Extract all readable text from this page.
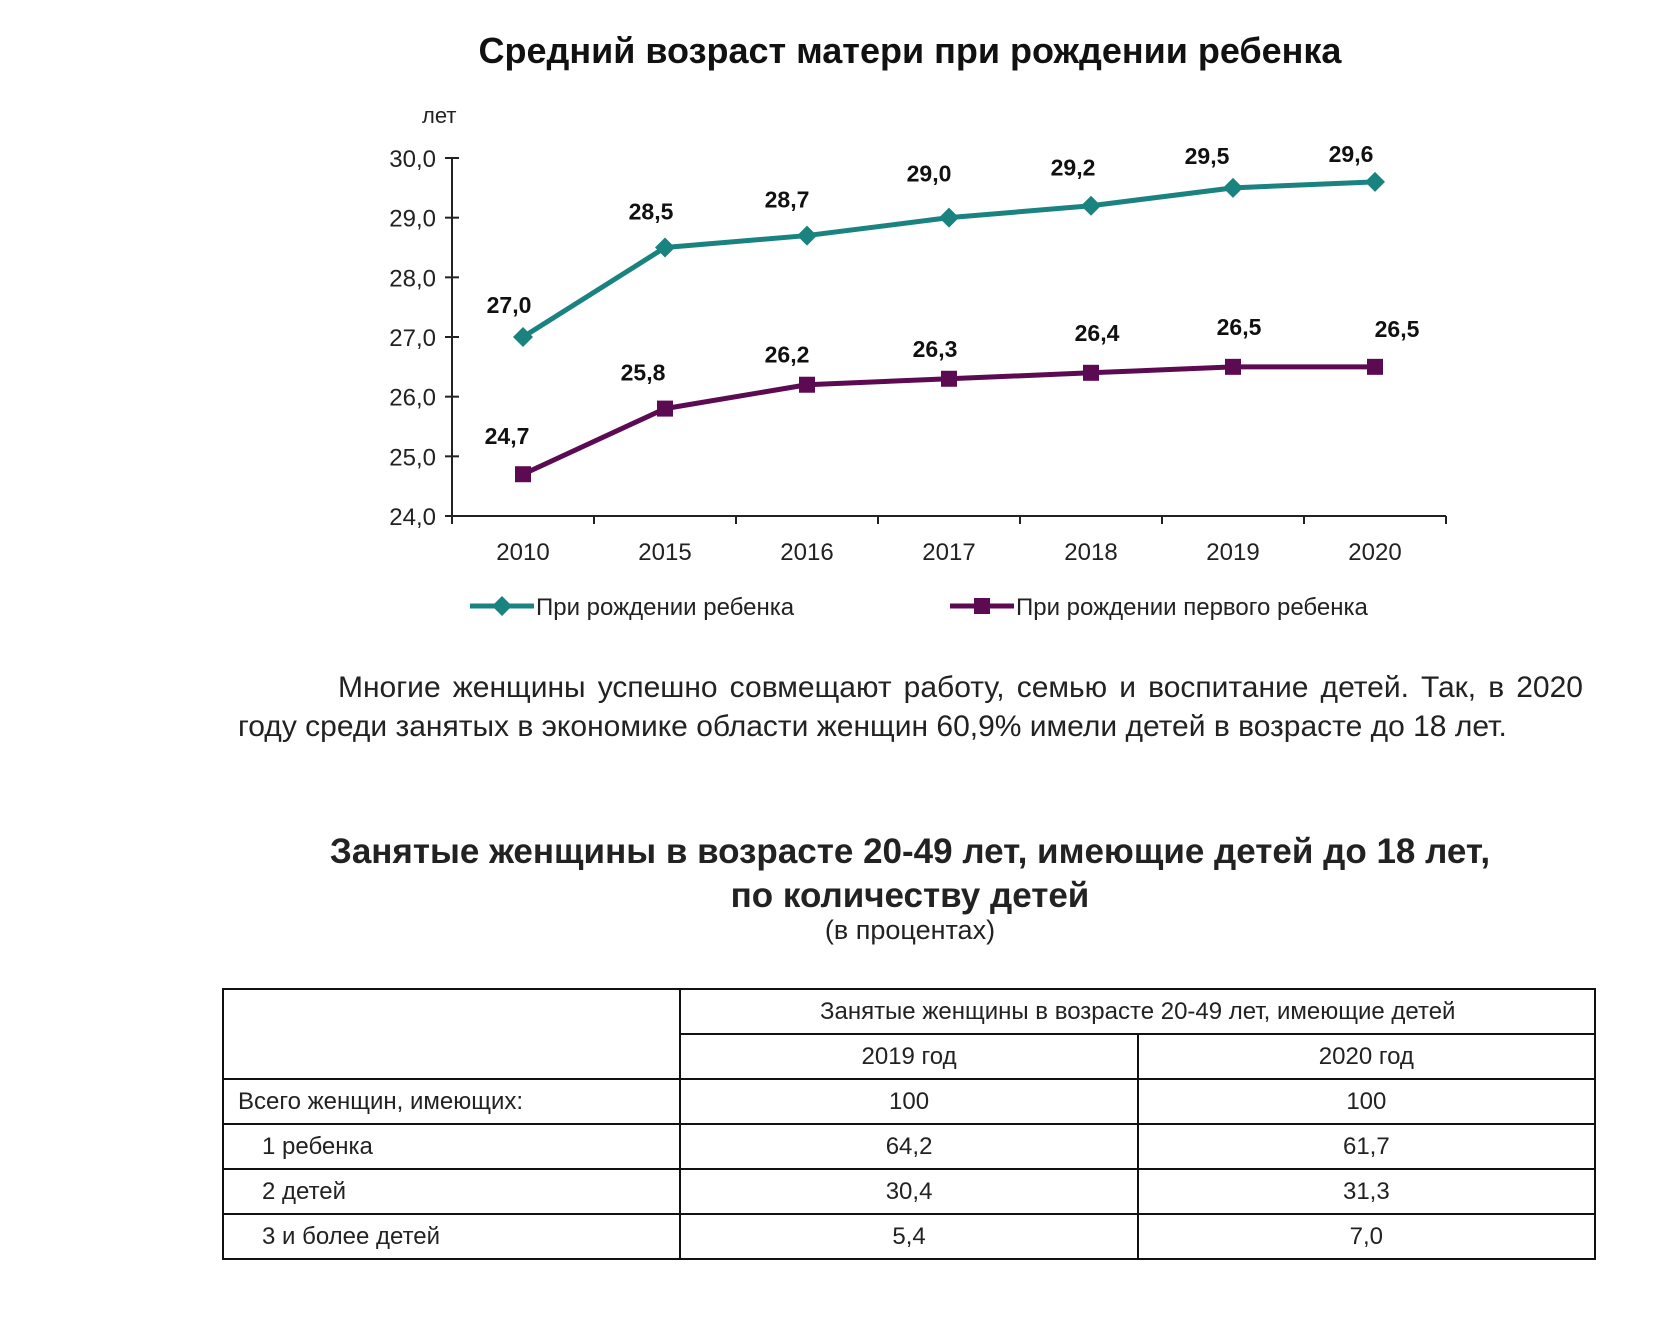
Средний возраст матери при рождении ребенка
24,0
25,0
26,0
27,0
28,0
29,0
30,0
лет
2010	2015	2016	2017	2018	2019	2020
27,0
28,5	28,7
29,0	29,2	29,5	29,6
24,7
25,8
26,2	26,3
26,4	26,5	26,5
При рождении ребенка	При рождении первого ребенка

Многие женщины успешно совмещают работу, семью и воспитание детей. Так, в 2020 году среди занятых в экономике области женщин 60,9% имели детей в возрасте до 18 лет.

Занятые женщины в возрасте 20-49 лет, имеющие детей до 18 лет,
по количеству детей
(в процентах)
	Занятые женщины в возрасте 20-49 лет, имеющие детей	
	2019 год	2020 год
Всего женщин, имеющих:	100	100
1 ребенка	64,2	61,7
2 детей	30,4	31,3
3 и более детей	5,4	7,0
